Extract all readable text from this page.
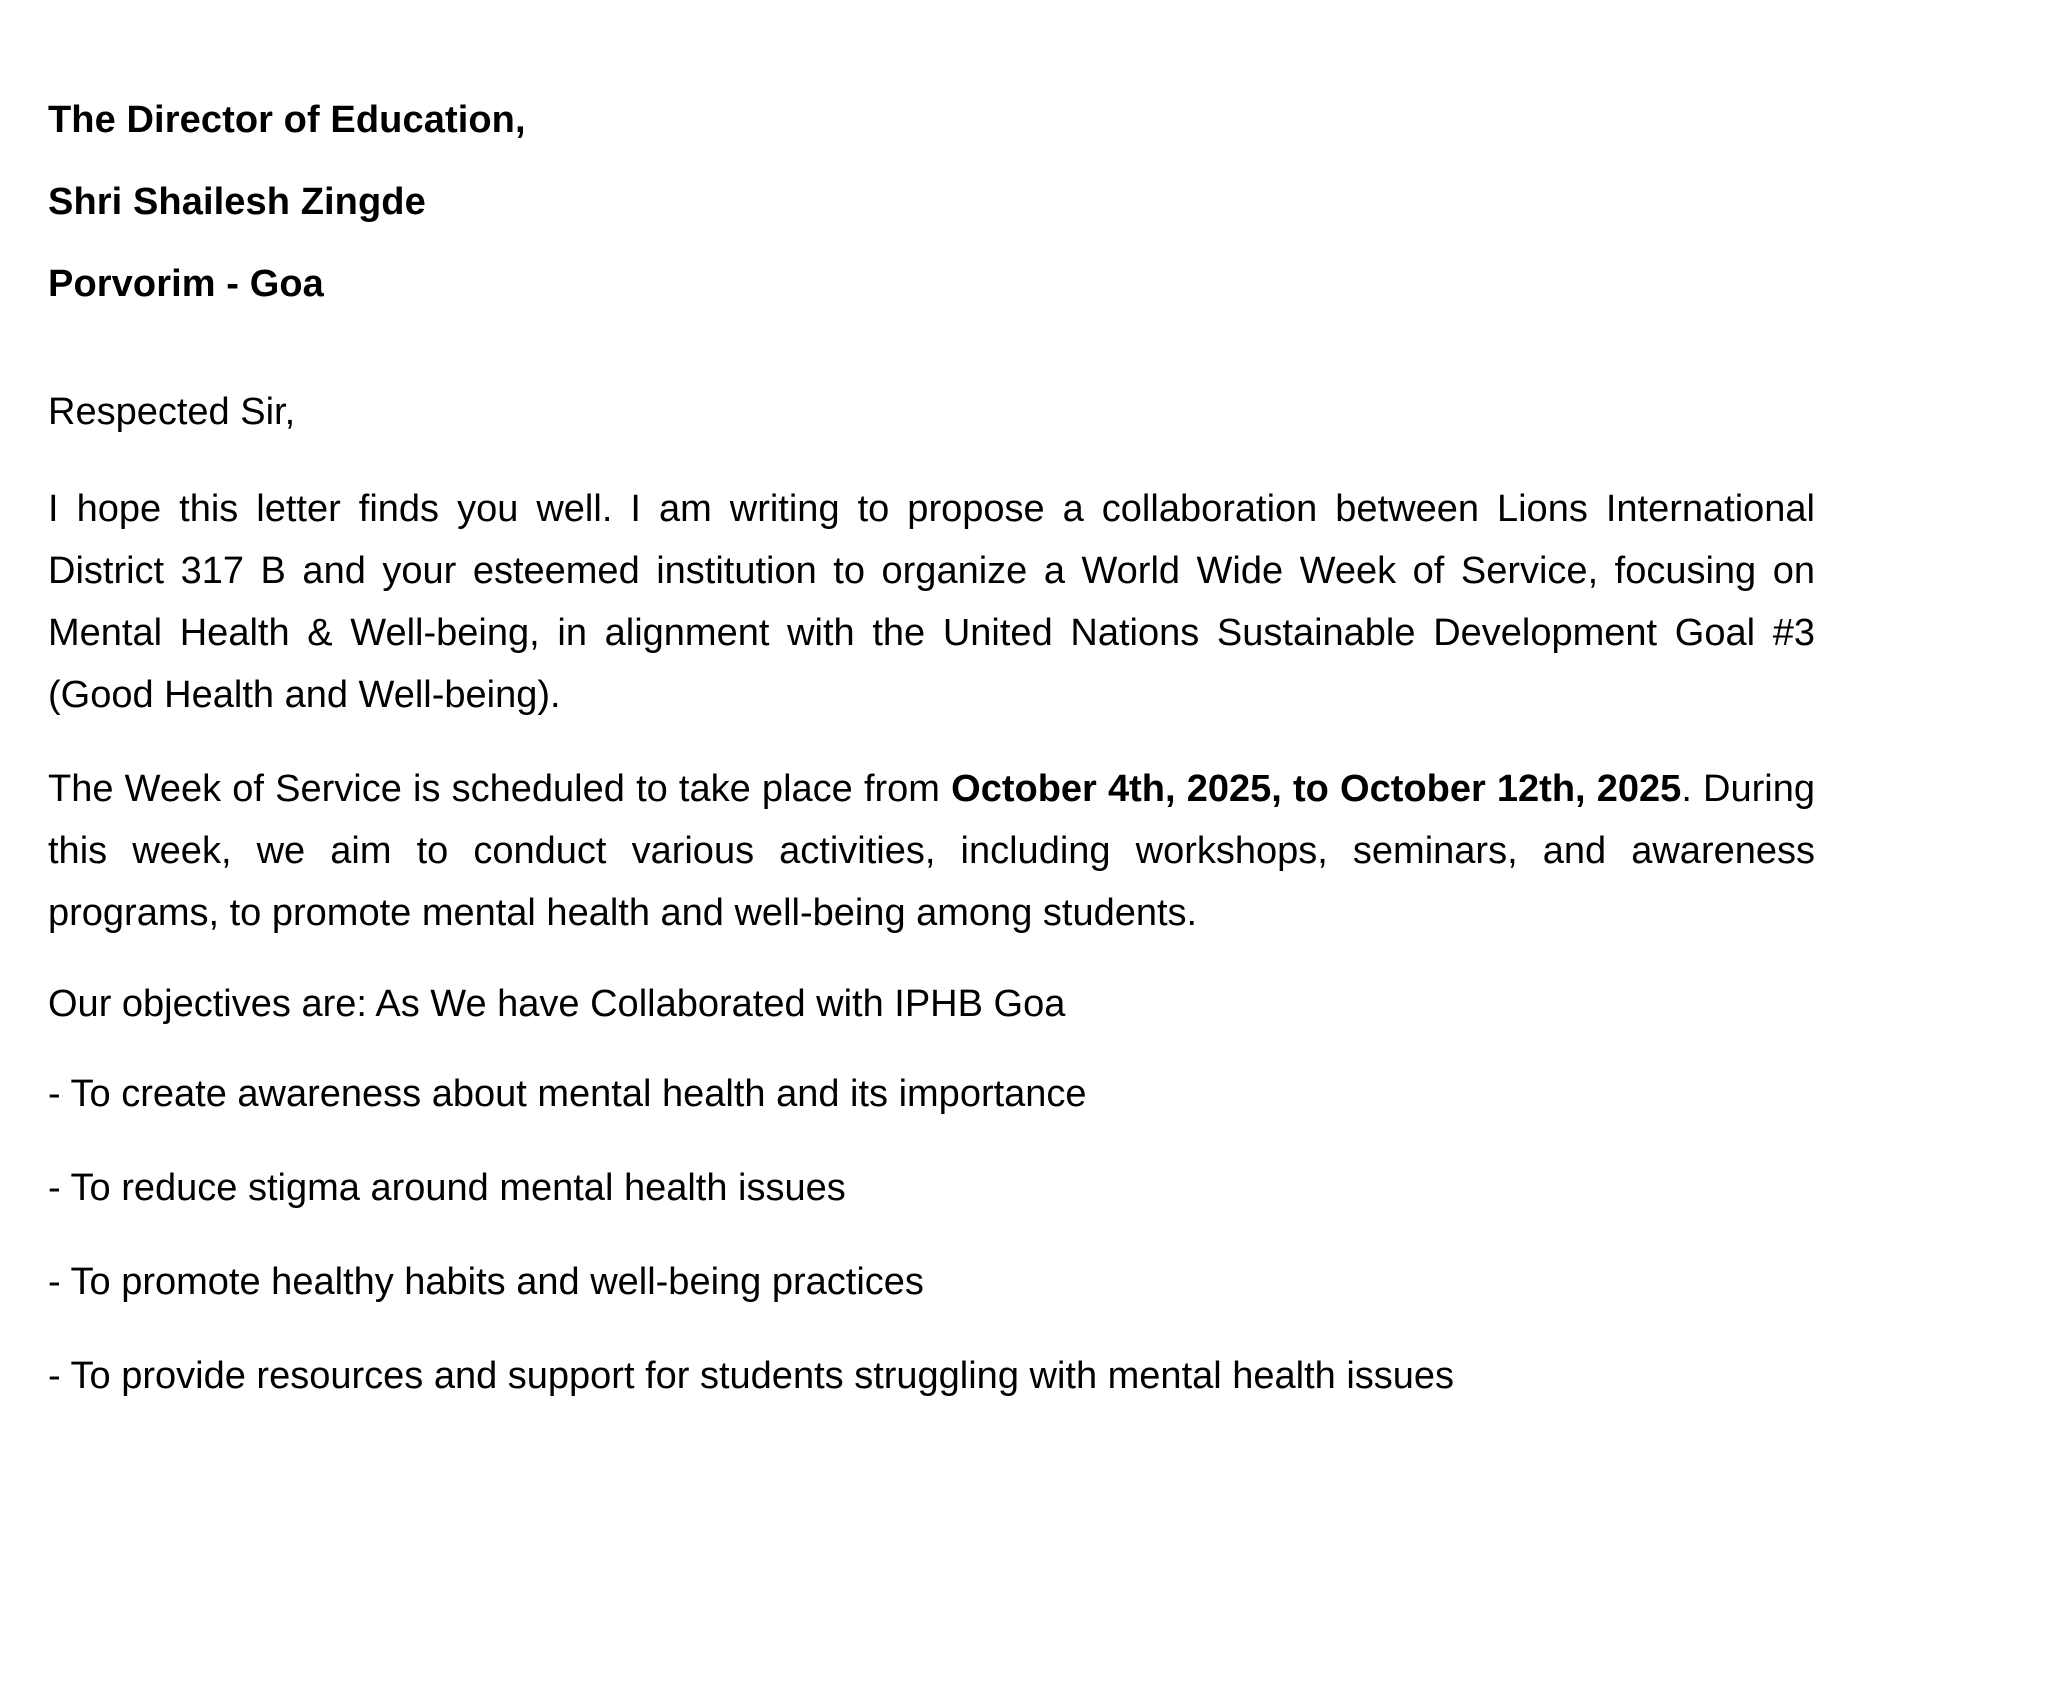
The Director of Education,

Shri Shailesh Zingde

Porvorim - Goa

Respected Sir,

I hope this letter finds you well. I am writing to propose a collaboration between Lions International District 317 B and your esteemed institution to organize a World Wide Week of Service, focusing on Mental Health & Well-being, in alignment with the United Nations Sustainable Development Goal #3 (Good Health and Well-being).

The Week of Service is scheduled to take place from October 4th, 2025, to October 12th, 2025. During this week, we aim to conduct various activities, including workshops, seminars, and awareness programs, to promote mental health and well-being among students.

Our objectives are: As We have Collaborated with IPHB Goa

- To create awareness about mental health and its importance
- To reduce stigma around mental health issues
- To promote healthy habits and well-being practices
- To provide resources and support for students struggling with mental health issues
